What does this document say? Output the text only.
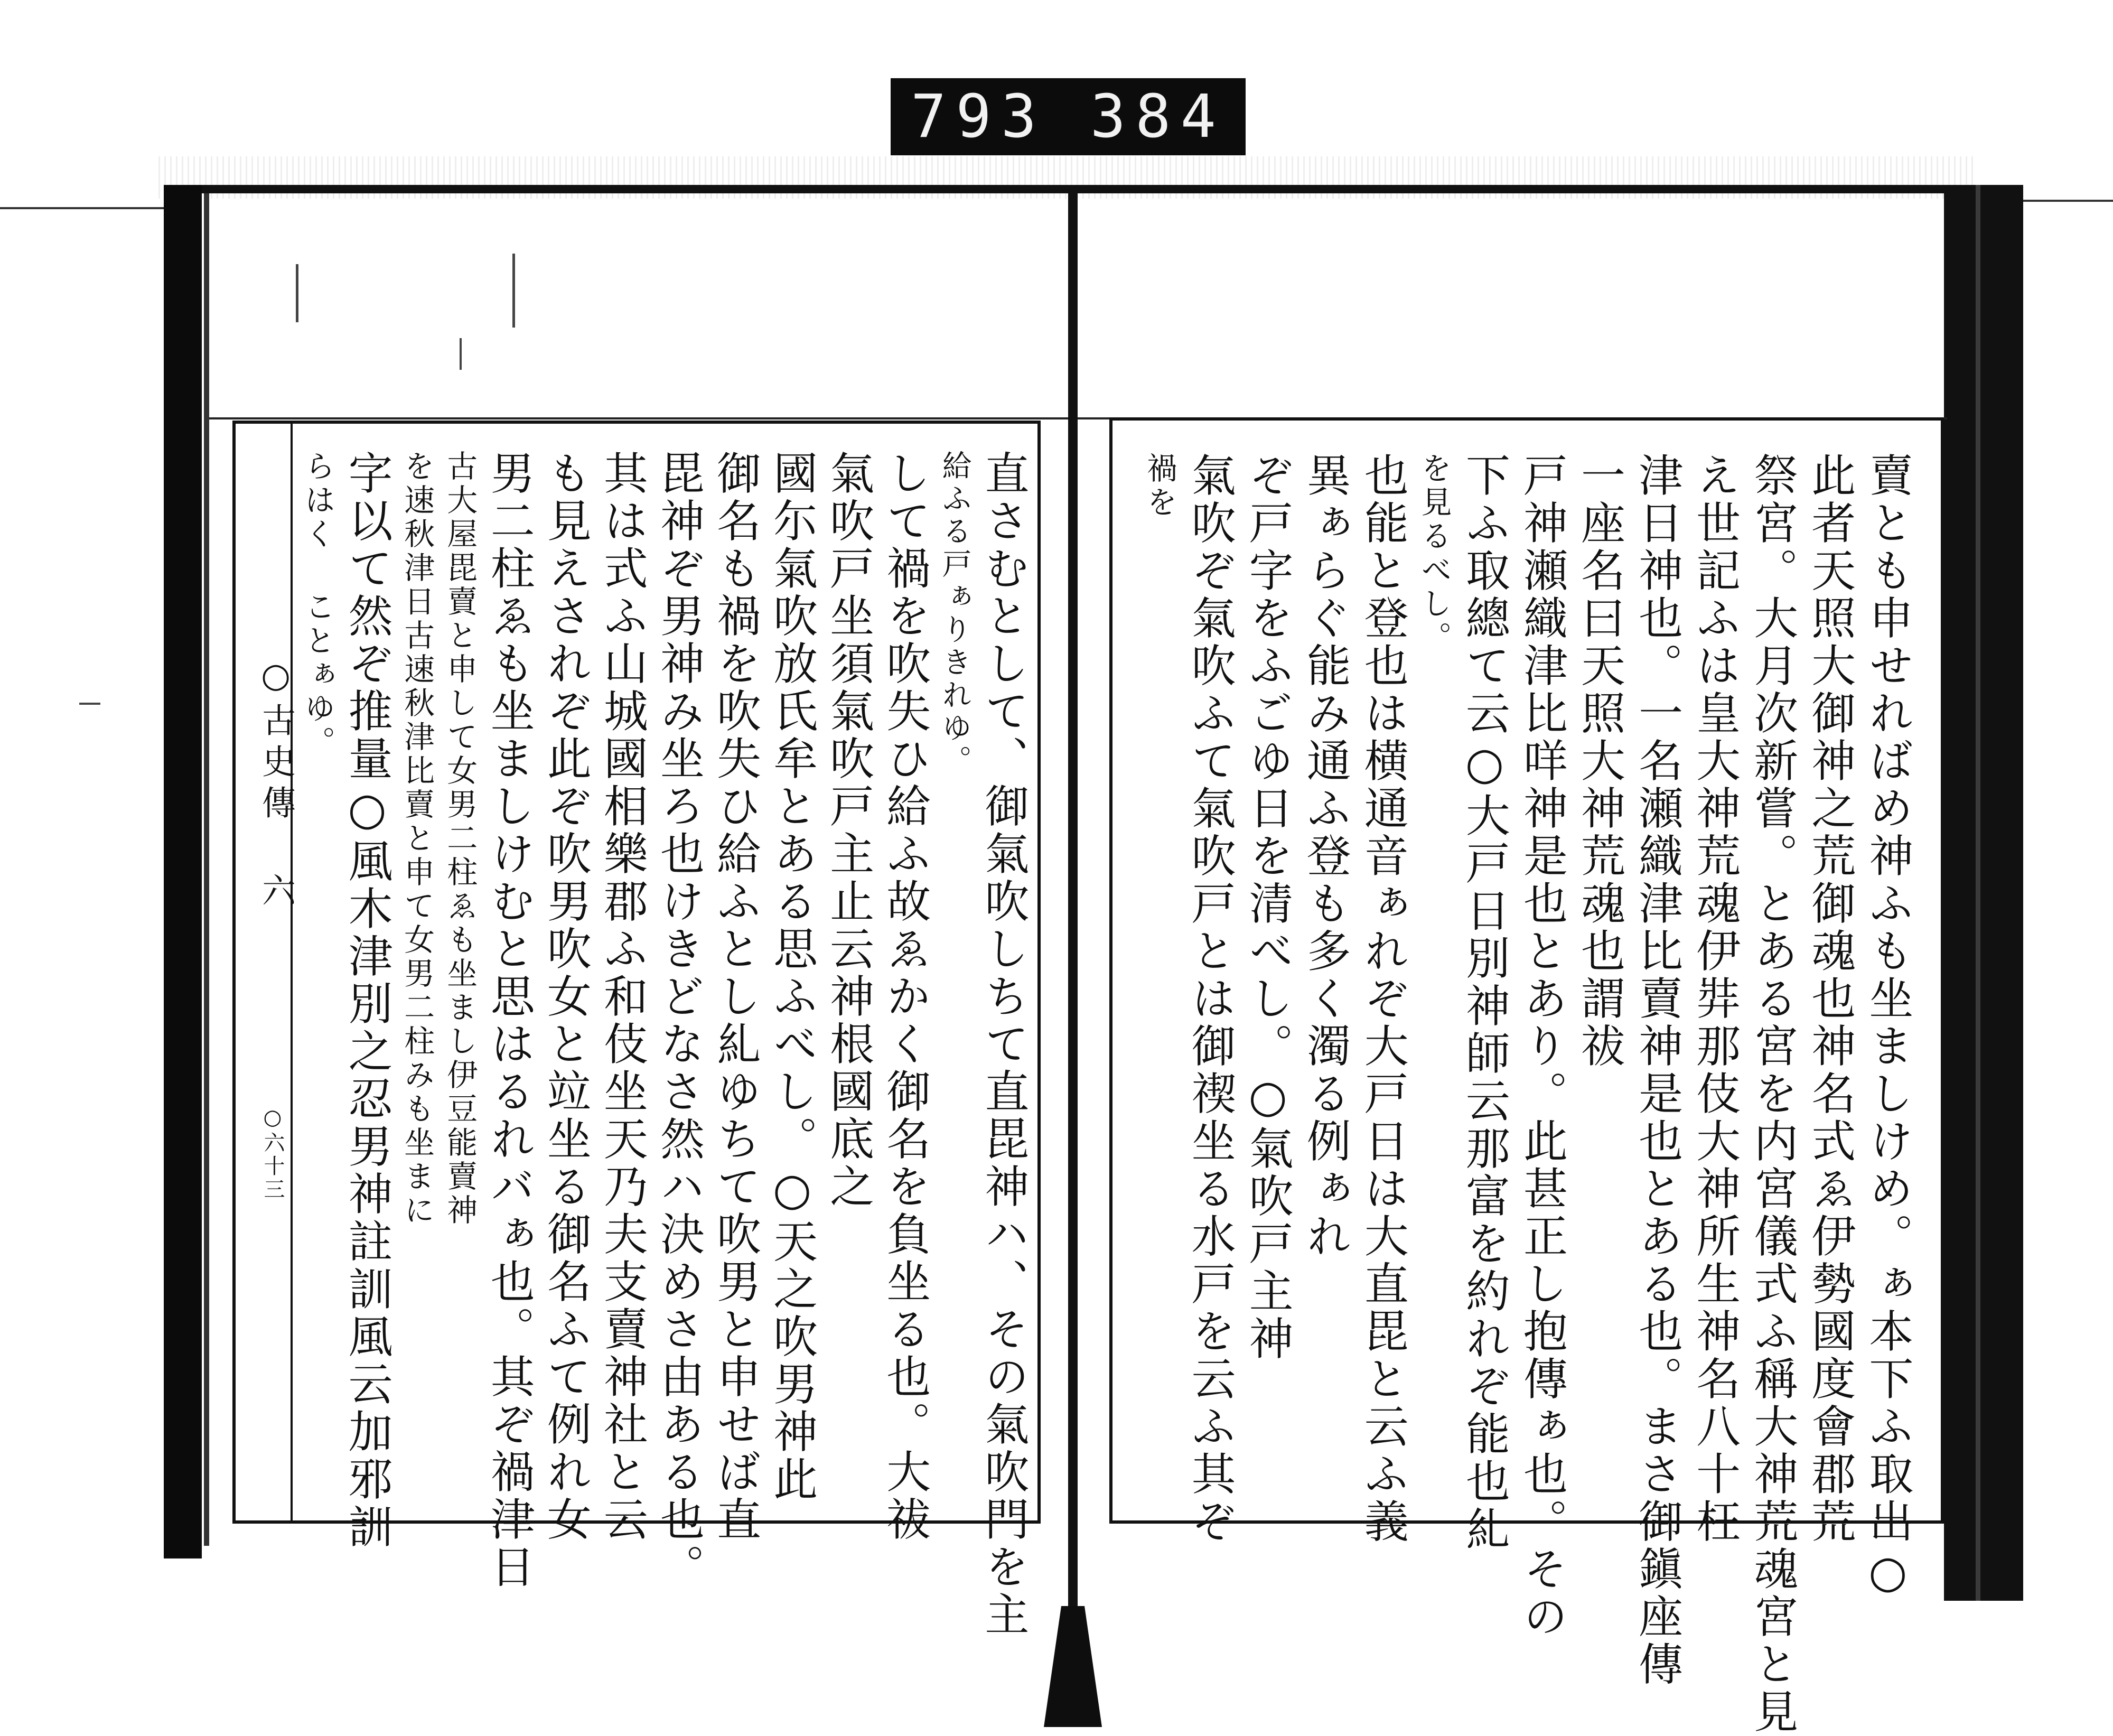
793 384
○古史傳 六
○六十三	直さむとして、御氣吹しちて直毘神ハ、その氣吹門を主
給ふる戸ぁりきれゆ。
して禍を吹失ひ給ふ故ゑかく御名を負坐る也。大祓
氣吹戸坐須氣吹戸主止云神根國底之
國尓氣吹放氏牟とある思ふべし。○天之吹男神此
御名も禍を吹失ひ給ふとし糺ゆちて吹男と申せば直
毘神ぞ男神み坐ろ也けきどなさ然ハ決めさ由ある也。
其は式ふ山城國相樂郡ふ和伎坐天乃夫支賣神社と云
も見えされぞ此ぞ吹男吹女と竝坐る御名ふて例れ女
男二柱ゑも坐ましけむと思はるれバぁ也。其ぞ禍津日
古大屋毘賣と申して女男二柱ゑも坐まし伊豆能賣神
を速秋津日古速秋津比賣と申て女男二柱みも坐まに
字以て然ぞ推量○風木津別之忍男神註訓風云加邪訓
らはく ことぁゆ。	賣とも申せればめ神ふも坐ましけめ。ぁ本下ふ取出○
此者天照大御神之荒御魂也神名式ゑ伊勢國度會郡荒
祭宮。大月次新嘗。とある宮を内宮儀式ふ稱大神荒魂宮と見
え世記ふは皇大神荒魂伊弉那伎大神所生神名八十枉
津日神也。一名瀬織津比賣神是也とある也。まさ御鎭座傳
一座名曰天照大神荒魂也謂祓
戸神瀬織津比咩神是也とあり。此甚正し抱傳ぁ也。その
下ふ取總て云○大戸日別神師云那富を約れぞ能也糺
を見るべし。
也能と登也は横通音ぁれぞ大戸日は大直毘と云ふ義
異ぁらぐ能み通ふ登も多く濁る例ぁれ
ぞ戸字をふごゆ日を清べし。○氣吹戸主神
氣吹ぞ氣吹ふて氣吹戸とは御禊坐る水戸を云ふ其ぞ
禍を
